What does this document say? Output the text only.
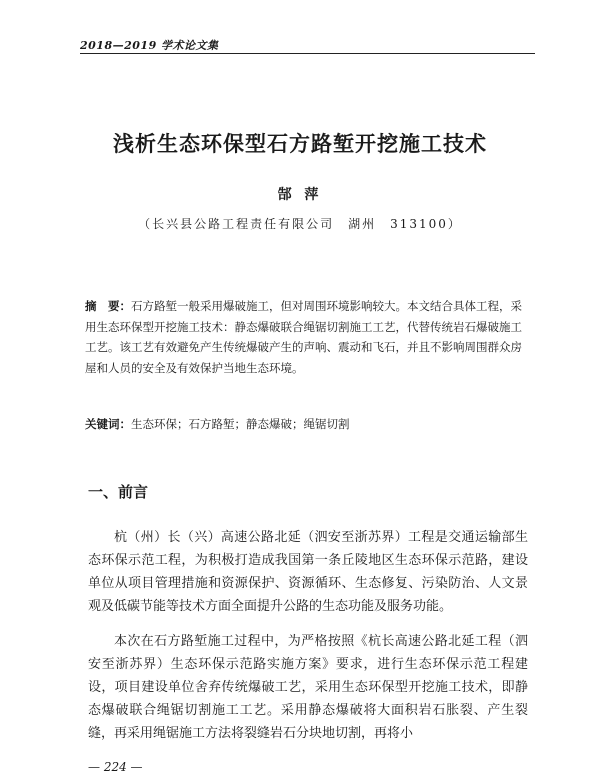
2018—2019 学术论文集
浅析生态环保型石方路堑开挖施工技术
郜 萍
（长兴县公路工程责任有限公司　湖州　313100）

摘　要：石方路堑一般采用爆破施工，但对周围环境影响较大。本文结合具体工程，采用生态环保型开挖施工技术：静态爆破联合绳锯切割施工工艺，代替传统岩石爆破施工工艺。该工艺有效避免产生传统爆破产生的声响、震动和飞石，并且不影响周围群众房屋和人员的安全及有效保护当地生态环境。

关键词：生态环保；石方路堑；静态爆破；绳锯切割

一、前言

杭（州）长（兴）高速公路北延（泗安至浙苏界）工程是交通运输部生态环保示范工程，为积极打造成我国第一条丘陵地区生态环保示范路，建设单位从项目管理措施和资源保护、资源循环、生态修复、污染防治、人文景观及低碳节能等技术方面全面提升公路的生态功能及服务功能。

本次在石方路堑施工过程中，为严格按照《杭长高速公路北延工程（泗安至浙苏界）生态环保示范路实施方案》要求，进行生态环保示范工程建设，项目建设单位舍弃传统爆破工艺，采用生态环保型开挖施工技术，即静态爆破联合绳锯切割施工工艺。采用静态爆破将大面积岩石胀裂、产生裂缝，再采用绳锯施工方法将裂缝岩石分块地切割，再将小

— 224 —
